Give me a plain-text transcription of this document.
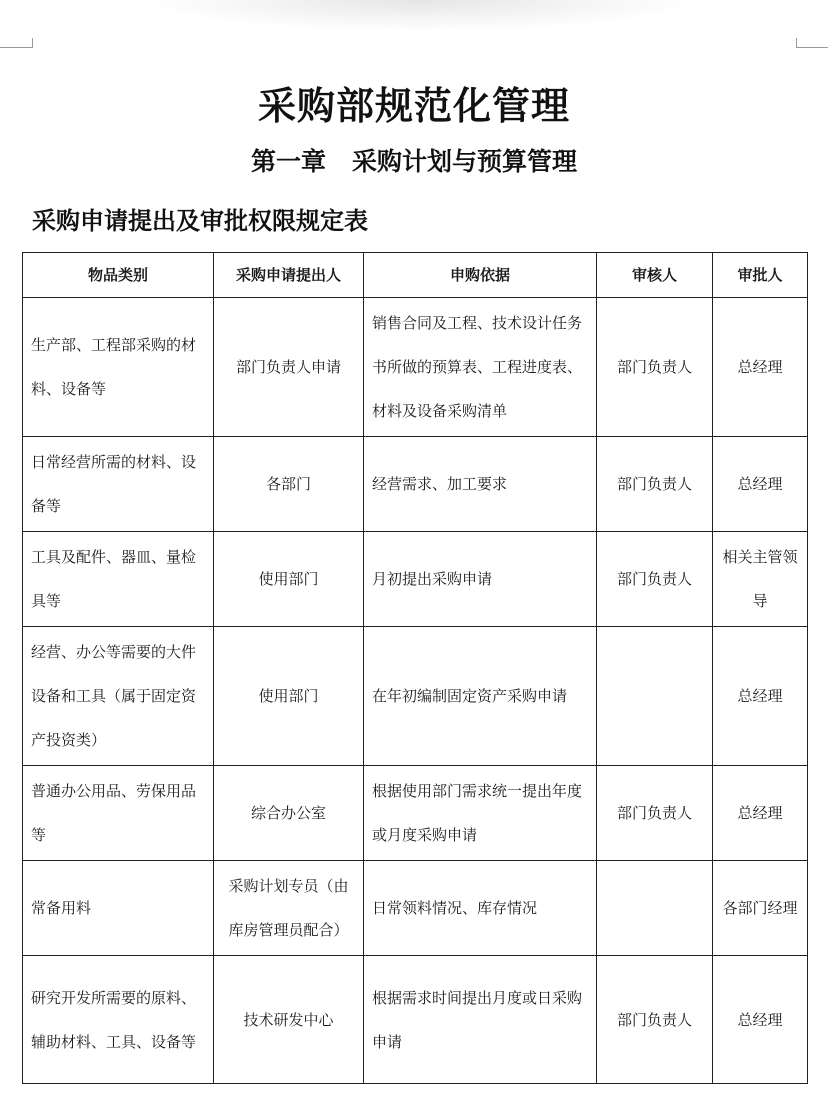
采购部规范化管理
第一章   采购计划与预算管理
采购申请提出及审批权限规定表
物品类别	采购申请提出人	申购依据	审核人	审批人
生产部、工程部采购的材料、设备等	部门负责人申请	销售合同及工程、技术设计任务书所做的预算表、工程进度表、材料及设备采购清单	部门负责人	总经理
日常经营所需的材料、设备等	各部门	经营需求、加工要求	部门负责人	总经理
工具及配件、器皿、量检具等	使用部门	月初提出采购申请	部门负责人	相关主管领导
经营、办公等需要的大件设备和工具（属于固定资产投资类）	使用部门	在年初编制固定资产采购申请		总经理
普通办公用品、劳保用品等	综合办公室	根据使用部门需求统一提出年度或月度采购申请	部门负责人	总经理
常备用料	采购计划专员（由库房管理员配合）	日常领料情况、库存情况		各部门经理
研究开发所需要的原料、辅助材料、工具、设备等	技术研发中心	根据需求时间提出月度或日采购申请	部门负责人	总经理
